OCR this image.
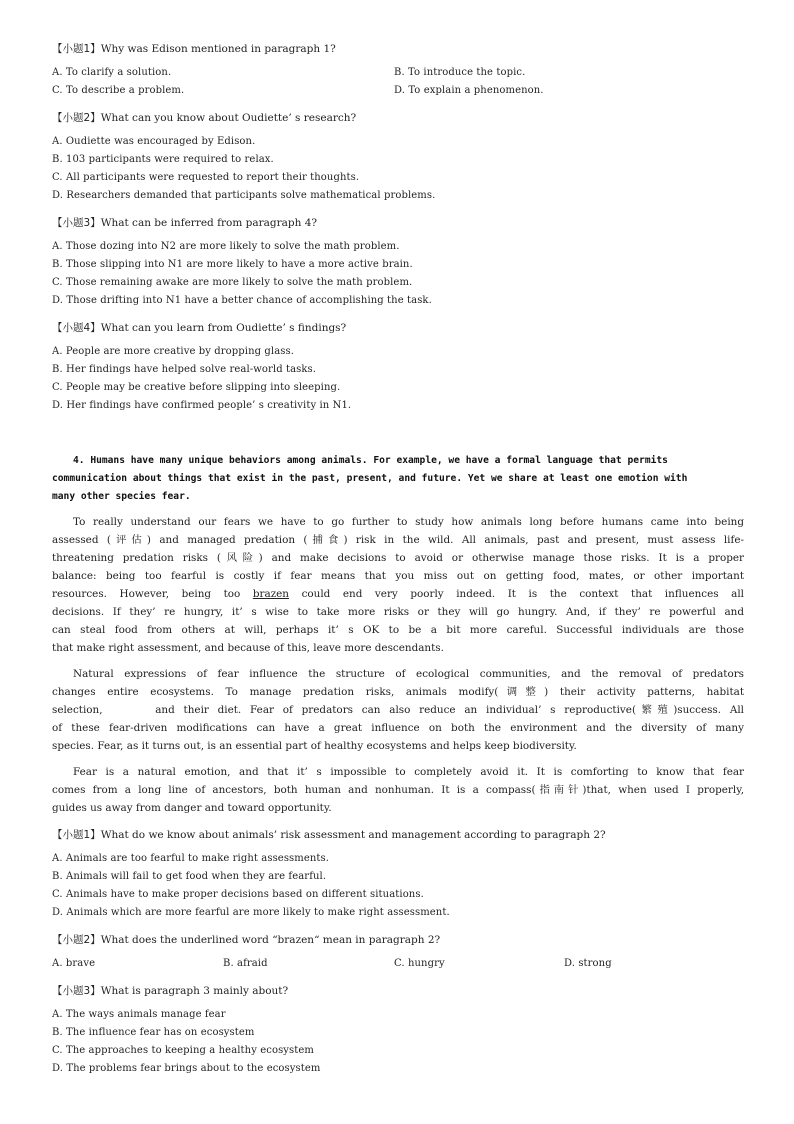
【小题1】Why was Edison mentioned in paragraph 1?
A. To clarify a solution.	B. To introduce the topic.
C. To describe a problem.	D. To explain a phenomenon.
【小题2】What can you know about Oudiette’ s research?
A. Oudiette was encouraged by Edison.
B. 103 participants were required to relax.
C. All participants were requested to report their thoughts.
D. Researchers demanded that participants solve mathematical problems.
【小题3】What can be inferred from paragraph 4?
A. Those dozing into N2 are more likely to solve the math problem.
B. Those slipping into N1 are more likely to have a more active brain.
C. Those remaining awake are more likely to solve the math problem.
D. Those drifting into N1 have a better chance of accomplishing the task.
【小题4】What can you learn from Oudiette’ s findings?
A. People are more creative by dropping glass.
B. Her findings have helped solve real-world tasks.
C. People may be creative before slipping into sleeping.
D. Her findings have confirmed people’ s creativity in N1.
4. Humans have many unique behaviors among animals. For example, we have a formal language that permits
communication about things that exist in the past, present, and future. Yet we share at least one emotion with
many other species fear.
To really understand our fears we have to go further to study how animals long before humans came into being
assessed (评估) and managed predation (捕食) risk in the wild. All animals, past and present, must assess life-
threatening predation risks (风险) and make decisions to avoid or otherwise manage those risks. It is a proper
balance: being too fearful is costly if fear means that you miss out on getting food, mates, or other important
resources. However, being too brazen could end very poorly indeed. It is the context that influences all
decisions. If they’ re hungry, it’ s wise to take more risks or they will go hungry. And, if they’ re powerful and
can steal food from others at will, perhaps it’ s OK to be a bit more careful. Successful individuals are those
that make right assessment, and because of this, leave more descendants.
Natural expressions of fear influence the structure of ecological communities, and the removal of predators
changes entire ecosystems. To manage predation risks, animals modify(调整) their activity patterns, habitat
selection,      and their diet. Fear of predators can also reduce an individual’ s reproductive(繁殖)success. All
of these fear-driven modifications can have a great influence on both the environment and the diversity of many
species. Fear, as it turns out, is an essential part of healthy ecosystems and helps keep biodiversity.
Fear is a natural emotion, and that it’ s impossible to completely avoid it. It is comforting to know that fear
comes from a long line of ancestors, both human and nonhuman. It is a compass(指南针)that, when used I properly,
guides us away from danger and toward opportunity.
【小题1】What do we know about animals’ risk assessment and management according to paragraph 2?
A. Animals are too fearful to make right assessments.
B. Animals will fail to get food when they are fearful.
C. Animals have to make proper decisions based on different situations.
D. Animals which are more fearful are more likely to make right assessment.
【小题2】What does the underlined word “brazen“ mean in paragraph 2?
A. brave	B. afraid	C. hungry	D. strong
【小题3】What is paragraph 3 mainly about?
A. The ways animals manage fear
B. The influence fear has on ecosystem
C. The approaches to keeping a healthy ecosystem
D. The problems fear brings about to the ecosystem
